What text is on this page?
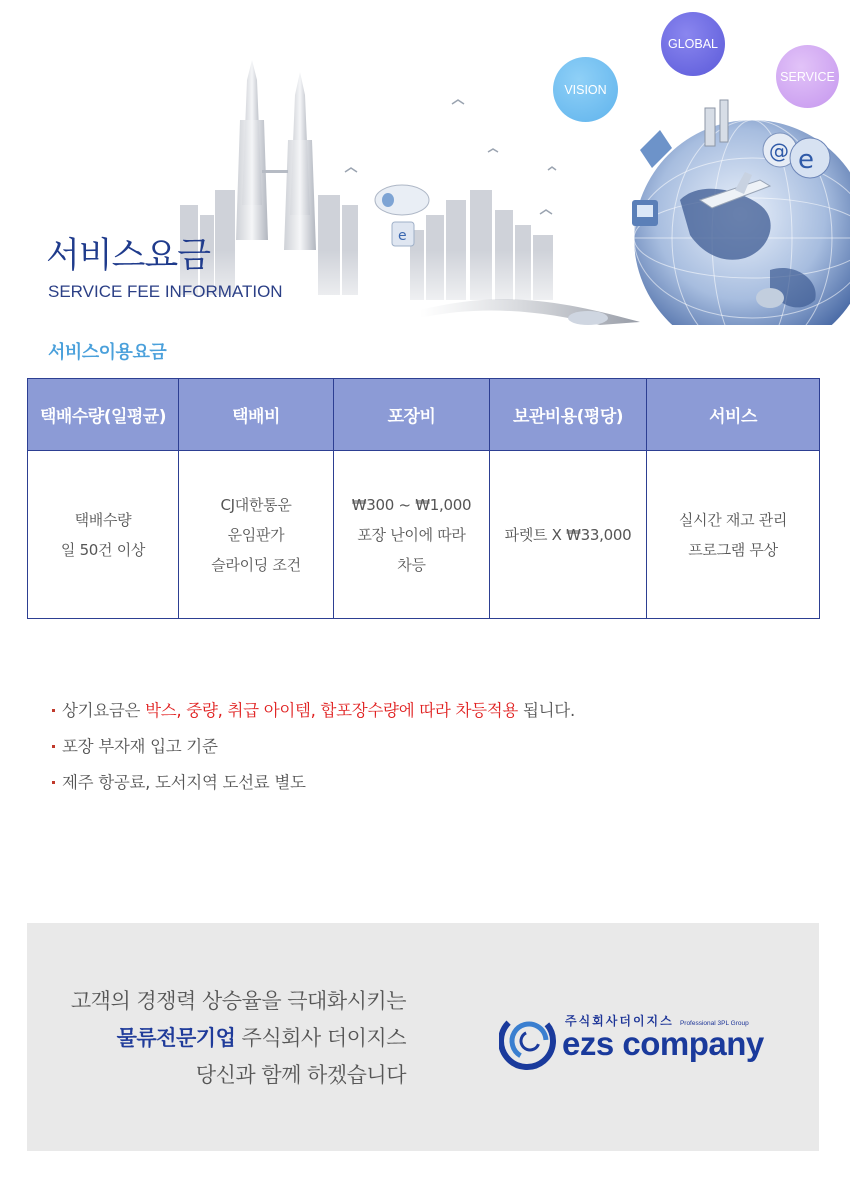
e
@ e
GLOBAL
VISION
SERVICE
서비스요금
SERVICE FEE INFORMATION
서비스이용요금
택배수량(일평균)	택배비	포장비	보관비용(평당)	서비스

택배수량
일 50건 이상	CJ대한통운
운임판가
슬라이딩 조건	₩300 ~ ₩1,000
포장 난이에 따라
차등	파렛트 X ₩33,000	실시간 재고 관리
프로그램 무상
상기요금은 박스, 중량, 취급 아이템, 합포장수량에 따라 차등적용 됩니다.
포장 부자재 입고 기준
제주 항공료, 도서지역 도선료 별도
고객의 경쟁력 상승율을 극대화시키는
물류전문기업 주식회사 더이지스
당신과 함께 하겠습니다
주식회사더이지스 Professional 3PL Group
ezs company
